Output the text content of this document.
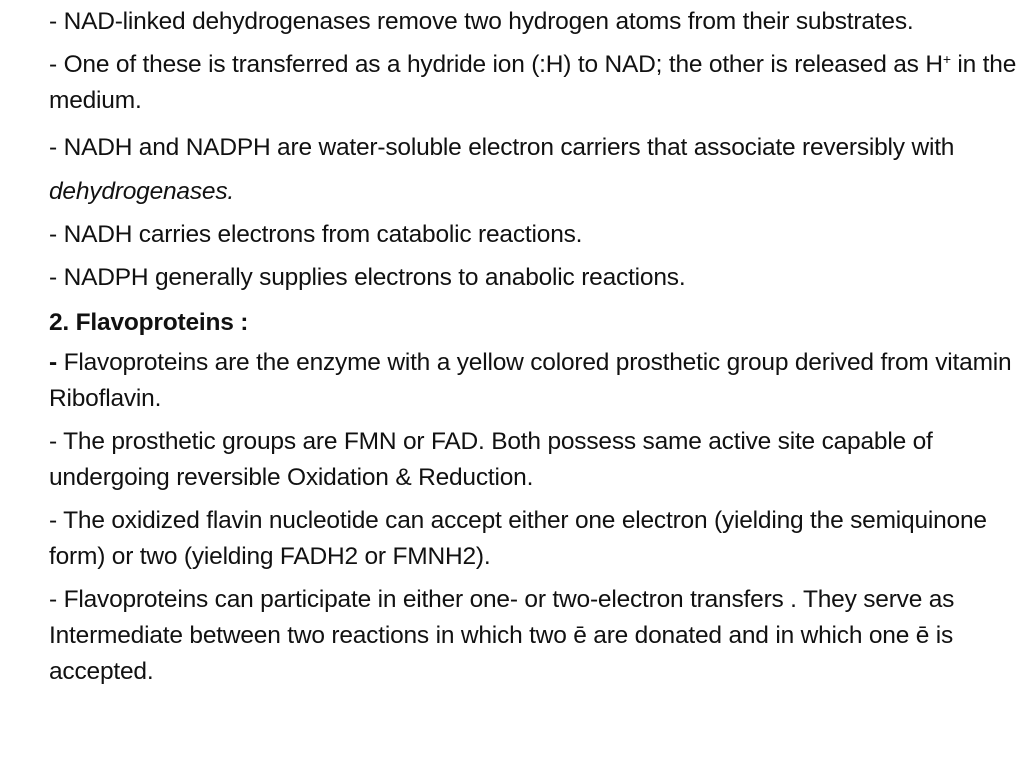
- NAD-linked dehydrogenases remove two hydrogen atoms from their substrates.

- One of these is transferred as a hydride ion (:H) to NAD; the other is released as H+ in the medium.

- NADH and NADPH are water-soluble electron carriers that associate reversibly with dehydrogenases.

- NADH carries electrons from catabolic reactions.

- NADPH generally supplies electrons to anabolic reactions.

2. Flavoproteins :

- Flavoproteins are the enzyme with a yellow colored prosthetic group derived from vitamin Riboflavin.

- The prosthetic groups are FMN or FAD. Both possess same active site capable of undergoing reversible Oxidation & Reduction.

- The oxidized flavin nucleotide can accept either one electron (yielding the semiquinone form) or two (yielding FADH2 or FMNH2).

- Flavoproteins can participate in either one- or two-electron transfers . They serve as Intermediate between two reactions in which two ē are donated and in which one ē is accepted.
